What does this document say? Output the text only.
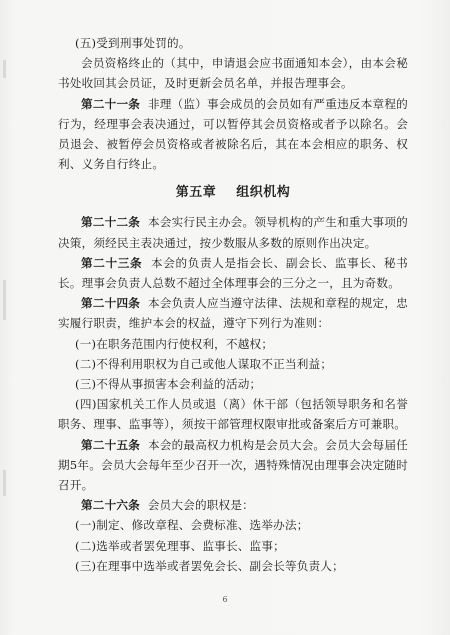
(五)受到刑事处罚的。

会员资格终止的（其中，申请退会应书面通知本会），由本会秘书处收回其会员证，及时更新会员名单，并报告理事会。

第二十一条 非理（监）事会成员的会员如有严重违反本章程的行为，经理事会表决通过，可以暂停其会员资格或者予以除名。会员退会、被暂停会员资格或者被除名后，其在本会相应的职务、权利、义务自行终止。

第五章 组织机构

第二十二条 本会实行民主办会。领导机构的产生和重大事项的决策，须经民主表决通过，按少数服从多数的原则作出决定。

第二十三条 本会的负责人是指会长、副会长、监事长、秘书长。理事会负责人总数不超过全体理事会的三分之一，且为奇数。

第二十四条 本会负责人应当遵守法律、法规和章程的规定，忠实履行职责，维护本会的权益，遵守下列行为准则：

(一)在职务范围内行使权利，不越权；

(二)不得利用职权为自己或他人谋取不正当利益；

(三)不得从事损害本会利益的活动；

(四)国家机关工作人员或退（离）休干部（包括领导职务和名誉职务、理事、监事等），须按干部管理权限审批或备案后方可兼职。

第二十五条 本会的最高权力机构是会员大会。会员大会每届任期5年。会员大会每年至少召开一次，遇特殊情况由理事会决定随时召开。

第二十六条 会员大会的职权是：

(一)制定、修改章程、会费标准、选举办法；

(二)选举或者罢免理事、监事长、监事；

(三)在理事中选举或者罢免会长、副会长等负责人；

6
